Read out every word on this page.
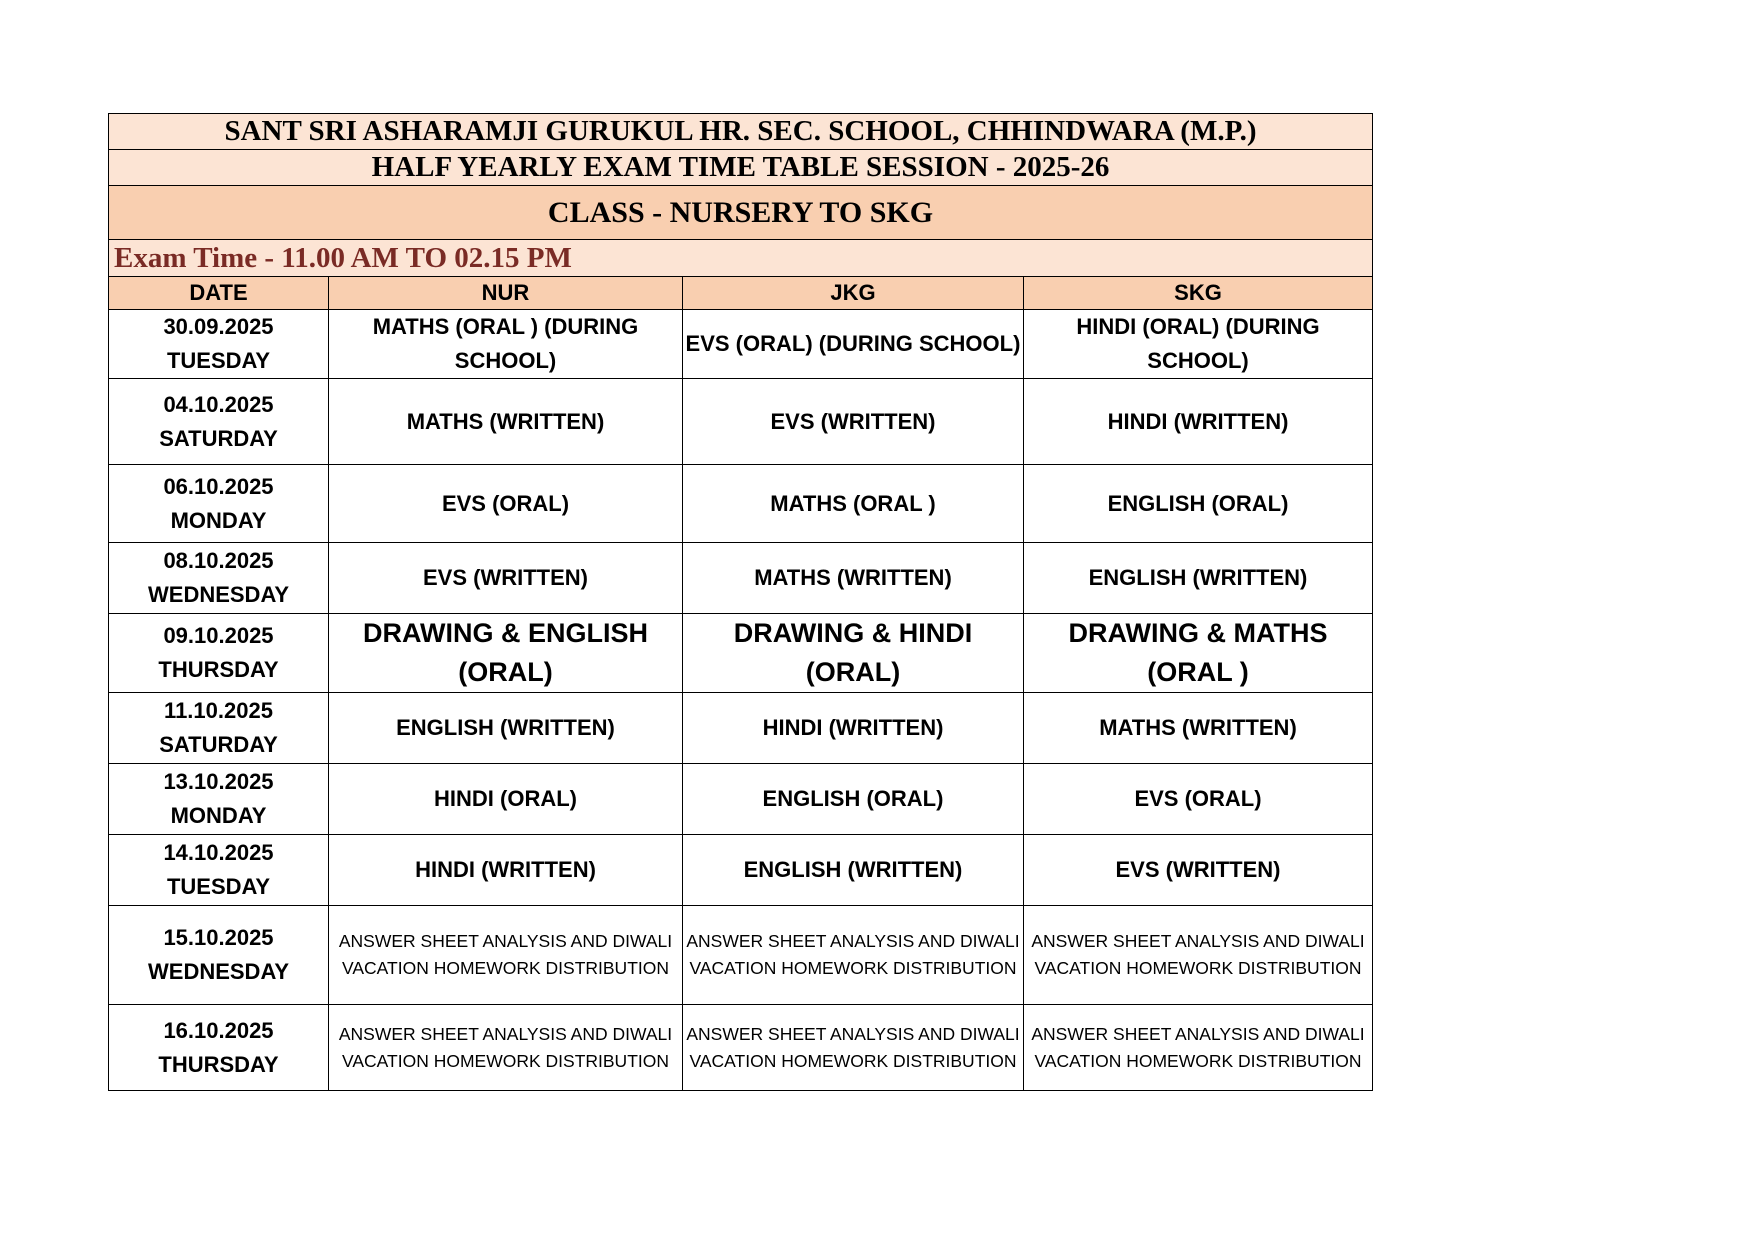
SANT SRI ASHARAMJI GURUKUL HR. SEC. SCHOOL, CHHINDWARA (M.P.)			
HALF YEARLY EXAM TIME TABLE SESSION - 2025-26			
CLASS - NURSERY TO SKG			
Exam Time - 11.00 AM TO 02.15 PM			
DATE	NUR	JKG	SKG

30.09.2025
TUESDAY	MATHS (ORAL ) (DURING SCHOOL)	EVS (ORAL) (DURING SCHOOL)	HINDI (ORAL) (DURING SCHOOL)

04.10.2025
SATURDAY	MATHS (WRITTEN)	EVS (WRITTEN)	HINDI (WRITTEN)

06.10.2025
MONDAY	EVS (ORAL)	MATHS (ORAL )	ENGLISH (ORAL)

08.10.2025
WEDNESDAY	EVS (WRITTEN)	MATHS (WRITTEN)	ENGLISH (WRITTEN)

09.10.2025
THURSDAY	DRAWING & ENGLISH (ORAL)	DRAWING & HINDI (ORAL)	DRAWING & MATHS (ORAL )

11.10.2025
SATURDAY	ENGLISH (WRITTEN)	HINDI (WRITTEN)	MATHS (WRITTEN)

13.10.2025
MONDAY	HINDI (ORAL)	ENGLISH (ORAL)	EVS (ORAL)

14.10.2025
TUESDAY	HINDI (WRITTEN)	ENGLISH (WRITTEN)	EVS (WRITTEN)

15.10.2025
WEDNESDAY	ANSWER SHEET ANALYSIS AND DIWALI VACATION HOMEWORK DISTRIBUTION	ANSWER SHEET ANALYSIS AND DIWALI VACATION HOMEWORK DISTRIBUTION	ANSWER SHEET ANALYSIS AND DIWALI VACATION HOMEWORK DISTRIBUTION

16.10.2025
THURSDAY	ANSWER SHEET ANALYSIS AND DIWALI VACATION HOMEWORK DISTRIBUTION	ANSWER SHEET ANALYSIS AND DIWALI VACATION HOMEWORK DISTRIBUTION	ANSWER SHEET ANALYSIS AND DIWALI VACATION HOMEWORK DISTRIBUTION
